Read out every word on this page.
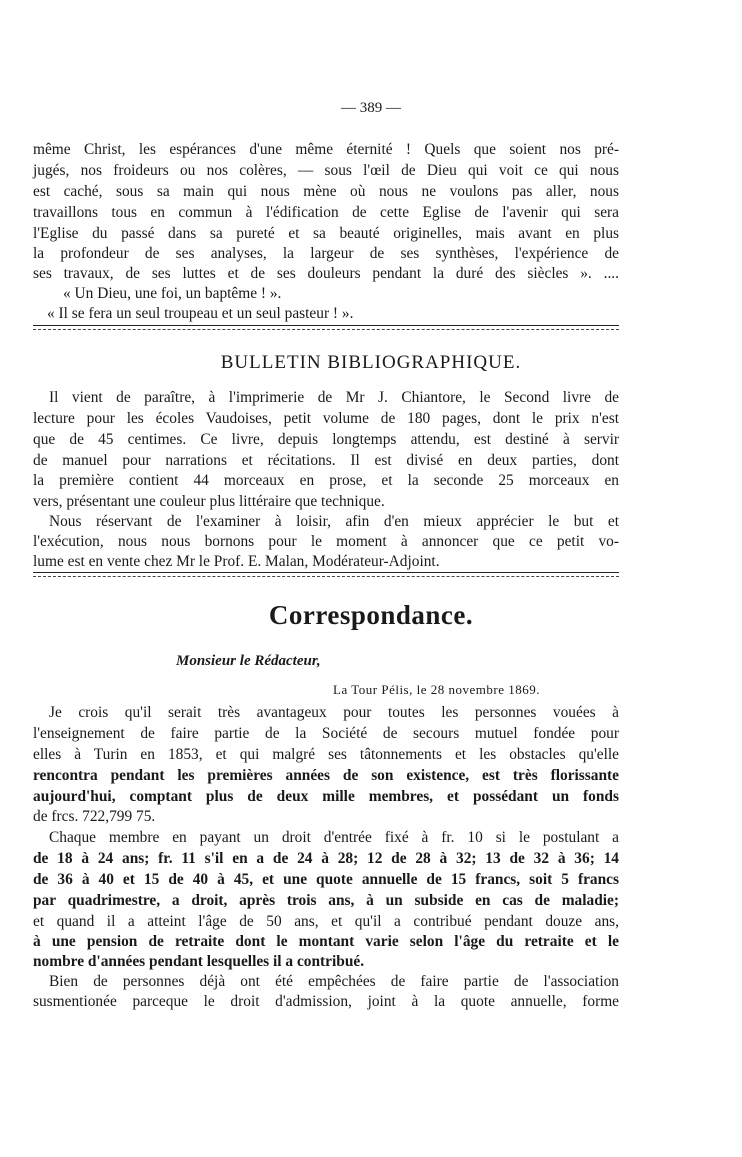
— 389 —
même Christ, les espérances d'une même éternité ! Quels que soient nos pré-
jugés, nos froideurs ou nos colères, — sous l'œil de Dieu qui voit ce qui nous
est caché, sous sa main qui nous mène où nous ne voulons pas aller, nous
travaillons tous en commun à l'édification de cette Eglise de l'avenir qui sera
l'Eglise du passé dans sa pureté et sa beauté originelles, mais avant en plus
la profondeur de ses analyses, la largeur de ses synthèses, l'expérience de
ses travaux, de ses luttes et de ses douleurs pendant la duré des siècles ». ....
« Un Dieu, une foi, un baptême ! ».
« Il se fera un seul troupeau et un seul pasteur ! ».
BULLETIN BIBLIOGRAPHIQUE.
Il vient de paraître, à l'imprimerie de Mr J. Chiantore, le Second livre de
lecture pour les écoles Vaudoises, petit volume de 180 pages, dont le prix n'est
que de 45 centimes. Ce livre, depuis longtemps attendu, est destiné à servir
de manuel pour narrations et récitations. Il est divisé en deux parties, dont
la première contient 44 morceaux en prose, et la seconde 25 morceaux en
vers, présentant une couleur plus littéraire que technique.
Nous réservant de l'examiner à loisir, afin d'en mieux apprécier le but et
l'exécution, nous nous bornons pour le moment à annoncer que ce petit vo-
lume est en vente chez Mr le Prof. E. Malan, Modérateur-Adjoint.
Correspondance.
Monsieur le Rédacteur,
La Tour Pélis, le 28 novembre 1869.
Je crois qu'il serait très avantageux pour toutes les personnes vouées à
l'enseignement de faire partie de la Société de secours mutuel fondée pour
elles à Turin en 1853, et qui malgré ses tâtonnements et les obstacles qu'elle
rencontra pendant les premières années de son existence, est très florissante
aujourd'hui, comptant plus de deux mille membres, et possédant un fonds
de frcs. 722,799 75.
Chaque membre en payant un droit d'entrée fixé à fr. 10 si le postulant a
de 18 à 24 ans; fr. 11 s'il en a de 24 à 28; 12 de 28 à 32; 13 de 32 à 36; 14
de 36 à 40 et 15 de 40 à 45, et une quote annuelle de 15 francs, soit 5 francs
par quadrimestre, a droit, après trois ans, à un subside en cas de maladie;
et quand il a atteint l'âge de 50 ans, et qu'il a contribué pendant douze ans,
à une pension de retraite dont le montant varie selon l'âge du retraite et le
nombre d'années pendant lesquelles il a contribué.
Bien de personnes déjà ont été empêchées de faire partie de l'association
susmentionée parceque le droit d'admission, joint à la quote annuelle, forme
